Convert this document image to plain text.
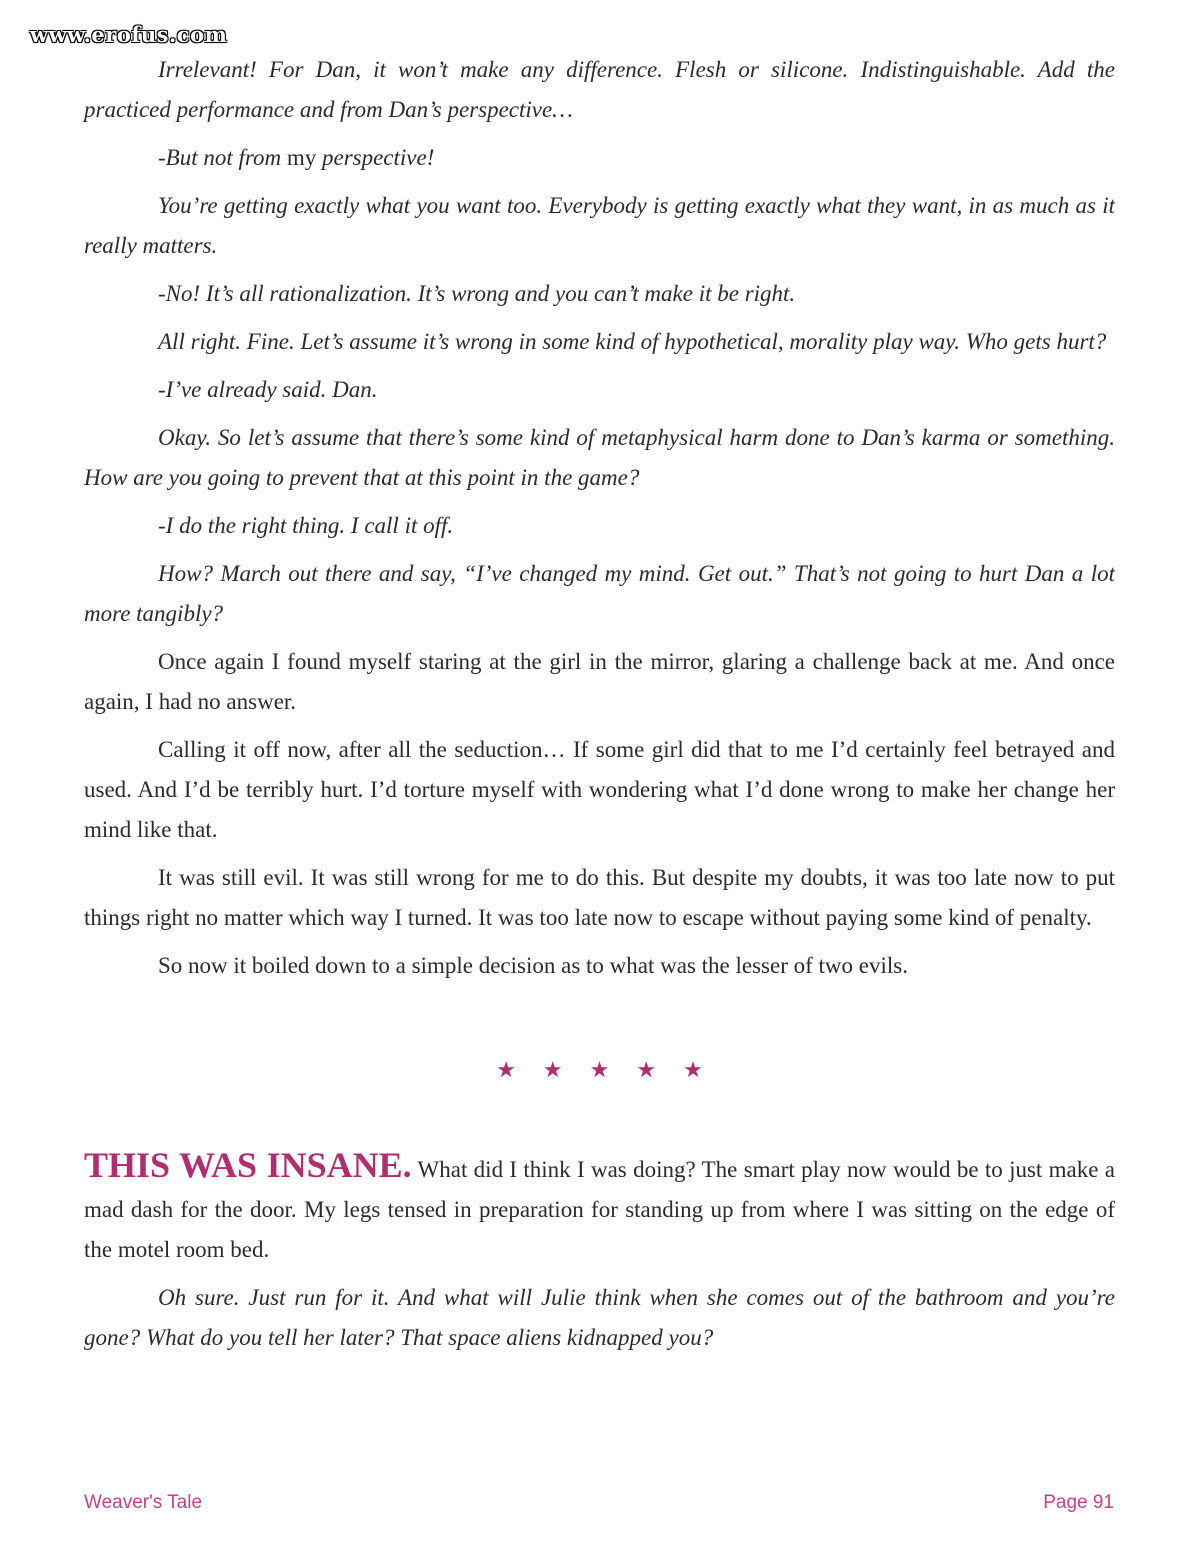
www.erofus.com

Irrelevant! For Dan, it won’t make any difference. Flesh or silicone. Indistinguishable. Add the practiced performance and from Dan’s perspective…

-But not from my perspective!

You’re getting exactly what you want too. Everybody is getting exactly what they want, in as much as it really matters.

-No! It’s all rationalization. It’s wrong and you can’t make it be right.

All right. Fine. Let’s assume it’s wrong in some kind of hypothetical, morality play way. Who gets hurt?

-I’ve already said. Dan.

Okay. So let’s assume that there’s some kind of metaphysical harm done to Dan’s karma or something. How are you going to prevent that at this point in the game?

-I do the right thing. I call it off.

How? March out there and say, “I’ve changed my mind. Get out.” That’s not going to hurt Dan a lot more tangibly?

Once again I found myself staring at the girl in the mirror, glaring a challenge back at me. And once again, I had no answer.

Calling it off now, after all the seduction… If some girl did that to me I’d certainly feel betrayed and used. And I’d be terribly hurt. I’d torture myself with wondering what I’d done wrong to make her change her mind like that.

It was still evil. It was still wrong for me to do this. But despite my doubts, it was too late now to put things right no matter which way I turned. It was too late now to escape without paying some kind of penalty.

So now it boiled down to a simple decision as to what was the lesser of two evils.

★ ★ ★ ★ ★

THIS WAS INSANE. What did I think I was doing? The smart play now would be to just make a mad dash for the door. My legs tensed in preparation for standing up from where I was sitting on the edge of the motel room bed.

Oh sure. Just run for it. And what will Julie think when she comes out of the bathroom and you’re gone? What do you tell her later? That space aliens kidnapped you?

Weaver's Tale	Page 91
